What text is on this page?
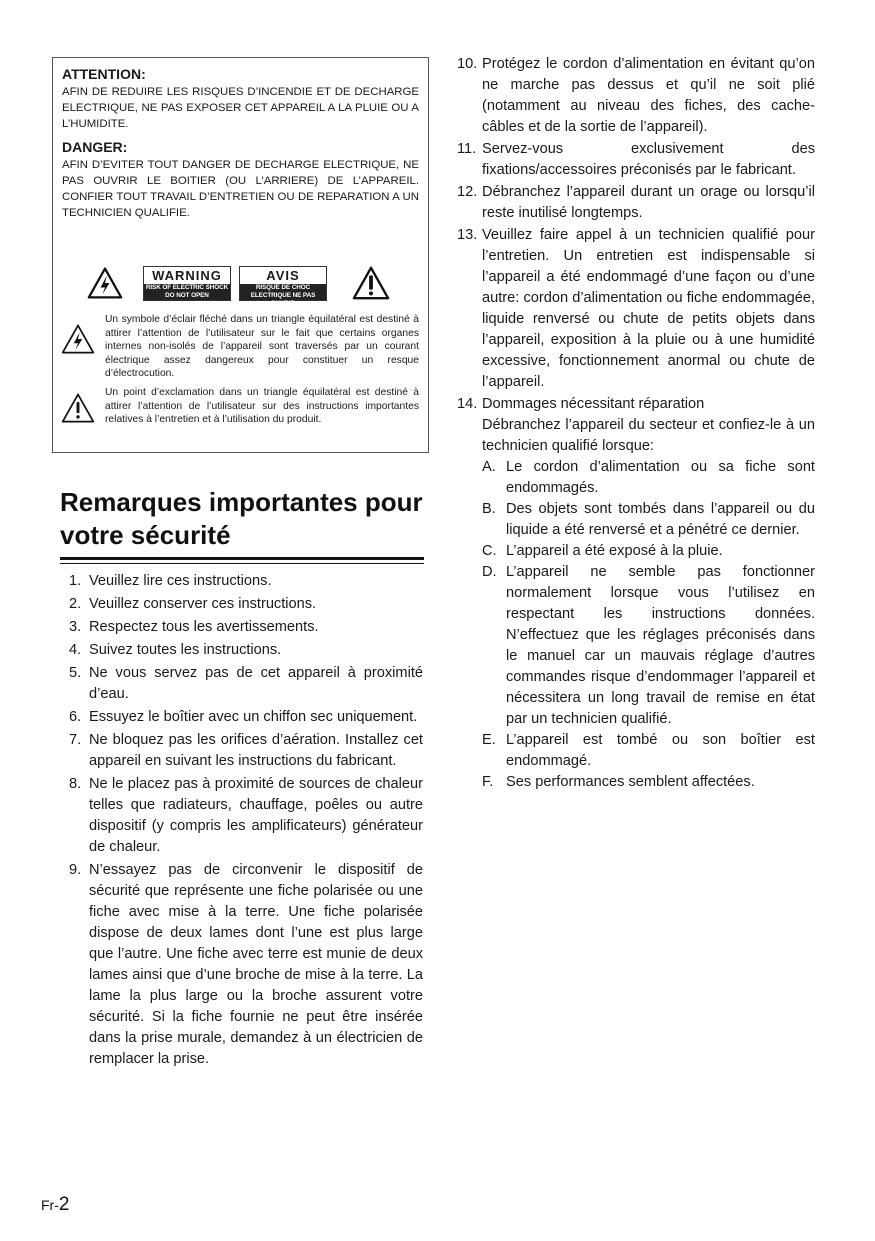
ATTENTION:

AFIN DE REDUIRE LES RISQUES D’INCENDIE ET DE DECHARGE ELECTRIQUE, NE PAS EXPOSER CET APPAREIL A LA PLUIE OU A L’HUMIDITE.

DANGER:

AFIN D’EVITER TOUT DANGER DE DECHARGE ELECTRIQUE, NE PAS OUVRIR LE BOITIER (OU L’ARRIERE) DE L’APPAREIL. CONFIER TOUT TRAVAIL D’ENTRETIEN OU DE REPARATION A UN TECHNICIEN QUALIFIE.

WARNING
RISK OF ELECTRIC SHOCK DO NOT OPEN
AVIS
RISQUE DE CHOC ELECTRIQUE NE PAS OUVRIR

Un symbole d’éclair fléché dans un triangle équilatéral est destiné à attirer l’attention de l’utilisateur sur le fait que certains organes internes non-isolés de l’appareil sont traversés par un courant électrique assez dangereux pour constituer un resque d’électrocution.

Un point d’exclamation dans un triangle équilatéral est destiné à attirer l’attention de l’utilisateur sur des instructions importantes relatives à l’entretien et à l’utilisation du produit.

Remarques importantes pour votre sécurité
1. Veuillez lire ces instructions.
2. Veuillez conserver ces instructions.
3. Respectez tous les avertissements.
4. Suivez toutes les instructions.
5. Ne vous servez pas de cet appareil à proximité d’eau.
6. Essuyez le boîtier avec un chiffon sec uniquement.
7. Ne bloquez pas les orifices d’aération. Installez cet appareil en suivant les instructions du fabricant.
8. Ne le placez pas à proximité de sources de chaleur telles que radiateurs, chauffage, poêles ou autre dispositif (y compris les amplificateurs) générateur de chaleur.
9. N’essayez pas de circonvenir le dispositif de sécurité que représente une fiche polarisée ou une fiche avec mise à la terre. Une fiche polarisée dispose de deux lames dont l’une est plus large que l’autre. Une fiche avec terre est munie de deux lames ainsi que d’une broche de mise à la terre. La lame la plus large ou la broche assurent votre sécurité. Si la fiche fournie ne peut être insérée dans la prise murale, demandez à un électricien de remplacer la prise.
10. Protégez le cordon d’alimentation en évitant qu’on ne marche pas dessus et qu’il ne soit plié (notamment au niveau des fiches, des cache-câbles et de la sortie de l’appareil).
11. Servez-vous exclusivement des fixations/accessoires préconisés par le fabricant.
12. Débranchez l’appareil durant un orage ou lorsqu’il reste inutilisé longtemps.
13. Veuillez faire appel à un technicien qualifié pour l’entretien. Un entretien est indispensable si l’appareil a été endommagé d’une façon ou d’une autre: cordon d’alimentation ou fiche endommagée, liquide renversé ou chute de petits objets dans l’appareil, exposition à la pluie ou à une humidité excessive, fonctionnement anormal ou chute de l’appareil.
14. Dommages nécessitant réparation
Débranchez l’appareil du secteur et confiez-le à un technicien qualifié lorsque:
A. Le cordon d’alimentation ou sa fiche sont endommagés.
B. Des objets sont tombés dans l’appareil ou du liquide a été renversé et a pénétré ce dernier.
C. L’appareil a été exposé à la pluie.
D. L’appareil ne semble pas fonctionner normalement lorsque vous l’utilisez en respectant les instructions données. N’effectuez que les réglages préconisés dans le manuel car un mauvais réglage d’autres commandes risque d’endommager l’appareil et nécessitera un long travail de remise en état par un technicien qualifié.
E. L’appareil est tombé ou son boîtier est endommagé.
F. Ses performances semblent affectées.
Fr-2
